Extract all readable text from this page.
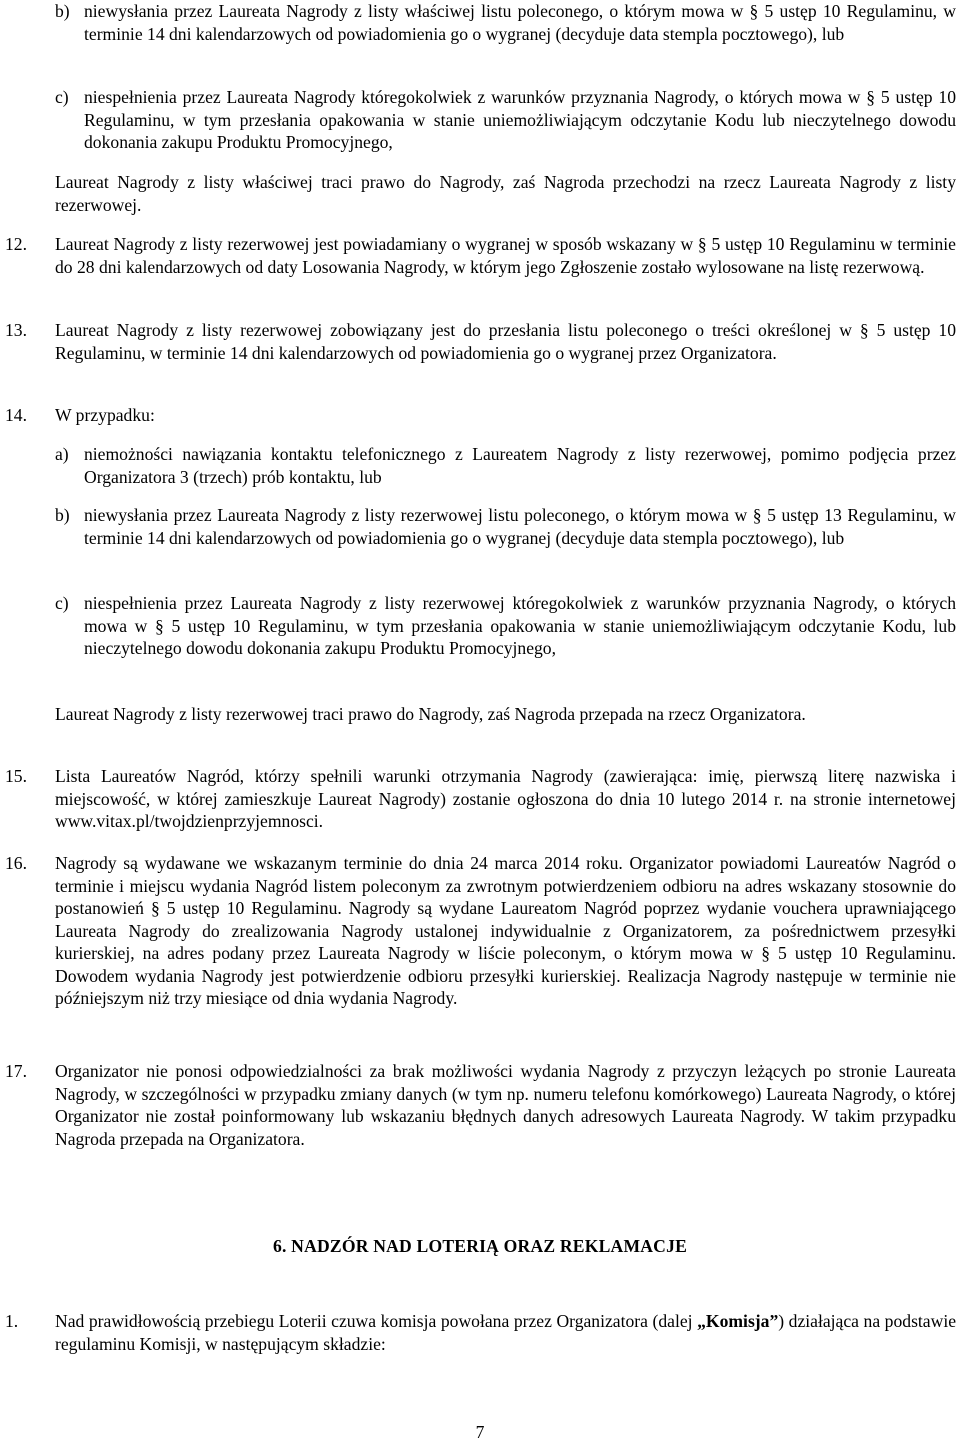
b) niewysłania przez Laureata Nagrody z listy właściwej listu poleconego, o którym mowa w § 5 ustęp 10 Regulaminu, w terminie 14 dni kalendarzowych od powiadomienia go o wygranej (decyduje data stempla pocztowego), lub
c) niespełnienia przez Laureata Nagrody któregokolwiek z warunków przyznania Nagrody, o których mowa w § 5 ustęp 10 Regulaminu, w tym przesłania opakowania w stanie uniemożliwiającym odczytanie Kodu lub nieczytelnego dowodu dokonania zakupu Produktu Promocyjnego,
Laureat Nagrody z listy właściwej traci prawo do Nagrody, zaś Nagroda przechodzi na rzecz Laureata Nagrody z listy rezerwowej.
12. Laureat Nagrody z listy rezerwowej jest powiadamiany o wygranej w sposób wskazany w § 5 ustęp 10 Regulaminu w terminie do 28 dni kalendarzowych od daty Losowania Nagrody, w którym jego Zgłoszenie zostało wylosowane na listę rezerwową.
13. Laureat Nagrody z listy rezerwowej zobowiązany jest do przesłania listu poleconego o treści określonej w § 5 ustęp 10 Regulaminu, w terminie 14 dni kalendarzowych od powiadomienia go o wygranej przez Organizatora.
14. W przypadku:
a) niemożności nawiązania kontaktu telefonicznego z Laureatem Nagrody z listy rezerwowej, pomimo podjęcia przez Organizatora 3 (trzech) prób kontaktu, lub
b) niewysłania przez Laureata Nagrody z listy rezerwowej listu poleconego, o którym mowa w § 5 ustęp 13 Regulaminu, w terminie 14 dni kalendarzowych od powiadomienia go o wygranej (decyduje data stempla pocztowego), lub
c) niespełnienia przez Laureata Nagrody z listy rezerwowej któregokolwiek z warunków przyznania Nagrody, o których mowa w § 5 ustęp 10 Regulaminu, w tym przesłania opakowania w stanie uniemożliwiającym odczytanie Kodu, lub nieczytelnego dowodu dokonania zakupu Produktu Promocyjnego,
Laureat Nagrody z listy rezerwowej traci prawo do Nagrody, zaś Nagroda przepada na rzecz Organizatora.
15. Lista Laureatów Nagród, którzy spełnili warunki otrzymania Nagrody (zawierająca: imię, pierwszą literę nazwiska i miejscowość, w której zamieszkuje Laureat Nagrody) zostanie ogłoszona do dnia 10 lutego 2014 r. na stronie internetowej www.vitax.pl/twojdzienprzyjemnosci.
16. Nagrody są wydawane we wskazanym terminie do dnia 24 marca 2014 roku. Organizator powiadomi Laureatów Nagród o terminie i miejscu wydania Nagród listem poleconym za zwrotnym potwierdzeniem odbioru na adres wskazany stosownie do postanowień § 5 ustęp 10 Regulaminu. Nagrody są wydane Laureatom Nagród poprzez wydanie vouchera uprawniającego Laureata Nagrody do zrealizowania Nagrody ustalonej indywidualnie z Organizatorem, za pośrednictwem przesyłki kurierskiej, na adres podany przez Laureata Nagrody w liście poleconym, o którym mowa w § 5 ustęp 10 Regulaminu. Dowodem wydania Nagrody jest potwierdzenie odbioru przesyłki kurierskiej. Realizacja Nagrody następuje w terminie nie późniejszym niż trzy miesiące od dnia wydania Nagrody.
17. Organizator nie ponosi odpowiedzialności za brak możliwości wydania Nagrody z przyczyn leżących po stronie Laureata Nagrody, w szczególności w przypadku zmiany danych (w tym np. numeru telefonu komórkowego) Laureata Nagrody, o której Organizator nie został poinformowany lub wskazaniu błędnych danych adresowych Laureata Nagrody. W takim przypadku Nagroda przepada na Organizatora.
6. NADZÓR NAD LOTERIĄ ORAZ REKLAMACJE
1. Nad prawidłowością przebiegu Loterii czuwa komisja powołana przez Organizatora (dalej „Komisja”) działająca na podstawie regulaminu Komisji, w następującym składzie:
7
